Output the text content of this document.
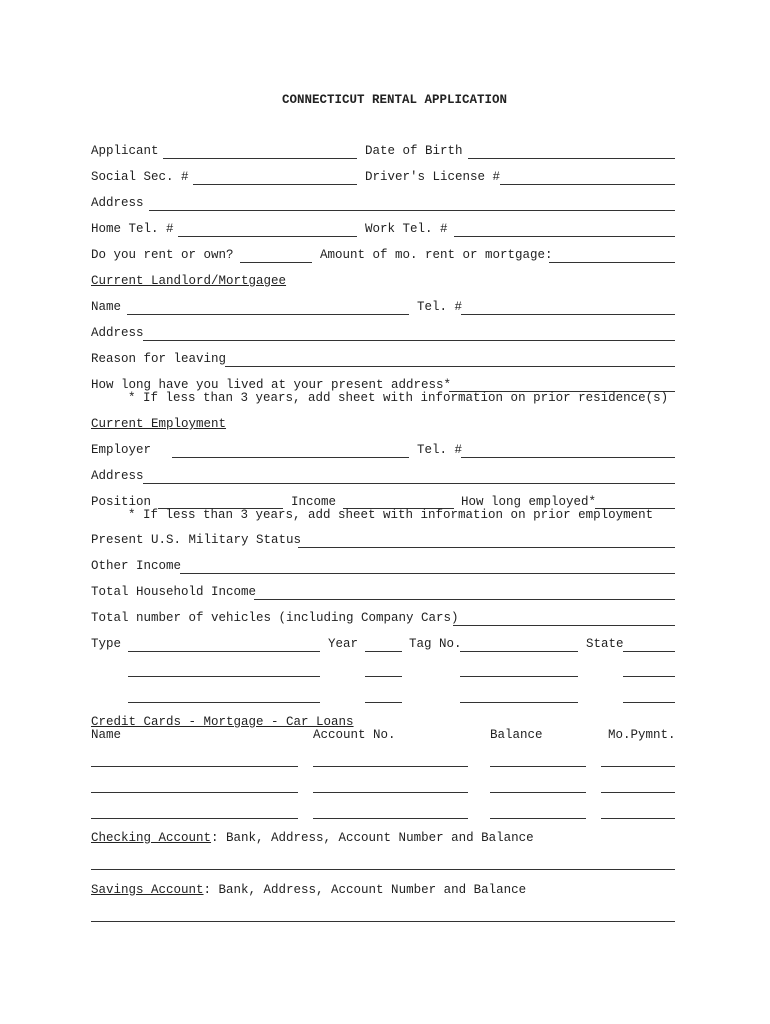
CONNECTICUT RENTAL APPLICATION
Applicant	Date of Birth
Social Sec. #	Driver's License #
Address
Home Tel. #	Work Tel. #
Do you rent or own?	Amount of mo. rent or mortgage:
Current Landlord/Mortgagee
Name	Tel. #
Address
Reason for leaving
How long have you lived at your present address*
* If less than 3 years, add sheet with information on prior residence(s)
Current Employment
Employer	Tel. #
Address
Position	Income	How long employed*
* If less than 3 years, add sheet with information on prior employment
Present U.S. Military Status
Other Income
Total Household Income
Total number of vehicles (including Company Cars)
Type	Year	Tag No.	State
Credit Cards - Mortgage - Car Loans
Name	Account No.	Balance	Mo.Pymnt.
Checking Account: Bank, Address, Account Number and Balance
Savings Account: Bank, Address, Account Number and Balance
